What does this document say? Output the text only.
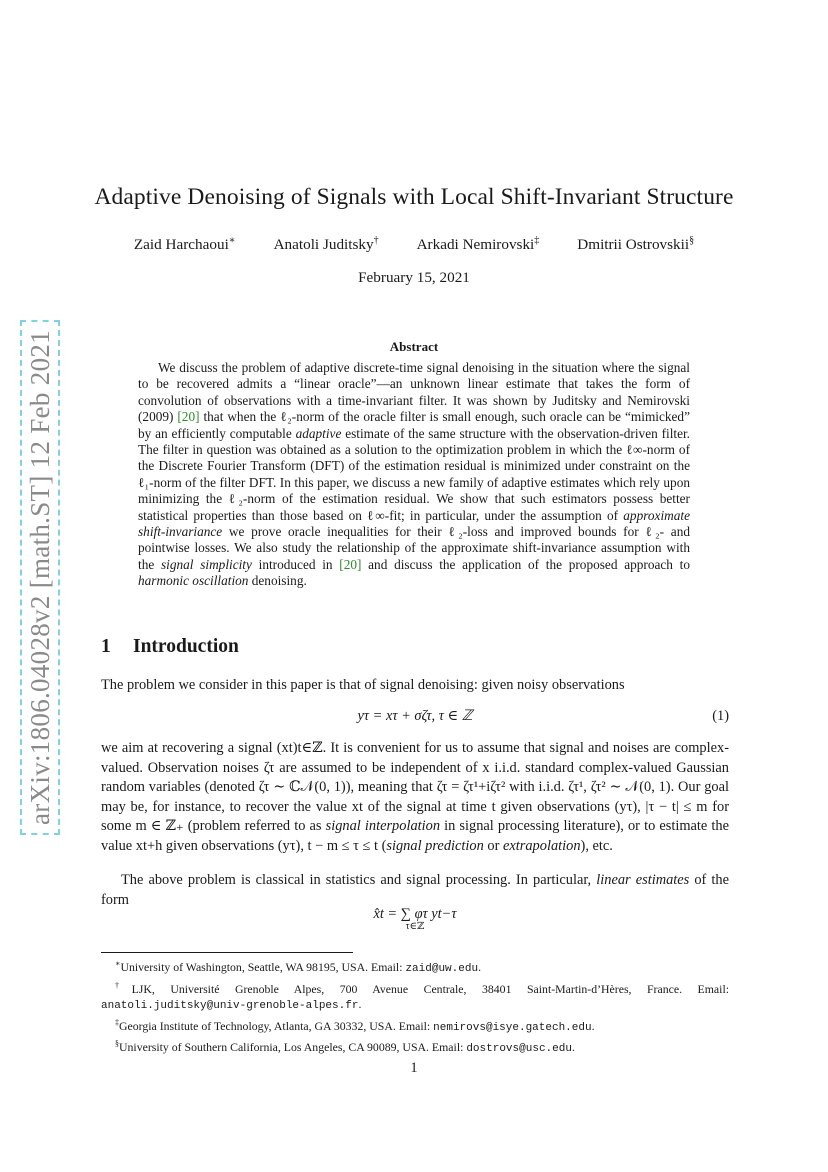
arXiv:1806.04028v2 [math.ST] 12 Feb 2021
Adaptive Denoising of Signals with Local Shift-Invariant Structure
Zaid Harchaoui∗	Anatoli Juditsky†	Arkadi Nemirovski‡	Dmitrii Ostrovskii§
February 15, 2021
Abstract
We discuss the problem of adaptive discrete-time signal denoising in the situation where the signal to be recovered admits a “linear oracle”—an unknown linear estimate that takes the form of convolution of observations with a time-invariant filter. It was shown by Juditsky and Nemirovski (2009) [20] that when the ℓ₂-norm of the oracle filter is small enough, such oracle can be “mimicked” by an efficiently computable adaptive estimate of the same structure with the observation-driven filter. The filter in question was obtained as a solution to the optimization problem in which the ℓ∞-norm of the Discrete Fourier Transform (DFT) of the estimation residual is minimized under constraint on the ℓ₁-norm of the filter DFT. In this paper, we discuss a new family of adaptive estimates which rely upon minimizing the ℓ₂-norm of the estimation residual. We show that such estimators possess better statistical properties than those based on ℓ∞-fit; in particular, under the assumption of approximate shift-invariance we prove oracle inequalities for their ℓ₂-loss and improved bounds for ℓ₂- and pointwise losses. We also study the relationship of the approximate shift-invariance assumption with the signal simplicity introduced in [20] and discuss the application of the proposed approach to harmonic oscillation denoising.
1 Introduction
The problem we consider in this paper is that of signal denoising: given noisy observations
yτ = xτ + σζτ, τ ∈ ℤ	(1)
we aim at recovering a signal (xt)t∈ℤ. It is convenient for us to assume that signal and noises are complex-valued. Observation noises ζτ are assumed to be independent of x i.i.d. standard complex-valued Gaussian random variables (denoted ζτ ∼ ℂ𝒩(0, 1)), meaning that ζτ = ζτ¹+iζτ² with i.i.d. ζτ¹, ζτ² ∼ 𝒩(0, 1). Our goal may be, for instance, to recover the value xt of the signal at time t given observations (yτ), |τ − t| ≤ m for some m ∈ ℤ₊ (problem referred to as signal interpolation in signal processing literature), or to estimate the value xt+h given observations (yτ), t − m ≤ τ ≤ t (signal prediction or extrapolation), etc.
The above problem is classical in statistics and signal processing. In particular, linear estimates of the form
x̂t = ∑ φτ yt−τ
τ∈ℤ
∗University of Washington, Seattle, WA 98195, USA. Email: zaid@uw.edu.
†LJK, Université Grenoble Alpes, 700 Avenue Centrale, 38401 Saint-Martin-d’Hères, France. Email: anatoli.juditsky@univ-grenoble-alpes.fr.
‡Georgia Institute of Technology, Atlanta, GA 30332, USA. Email: nemirovs@isye.gatech.edu.
§University of Southern California, Los Angeles, CA 90089, USA. Email: dostrovs@usc.edu.
1
